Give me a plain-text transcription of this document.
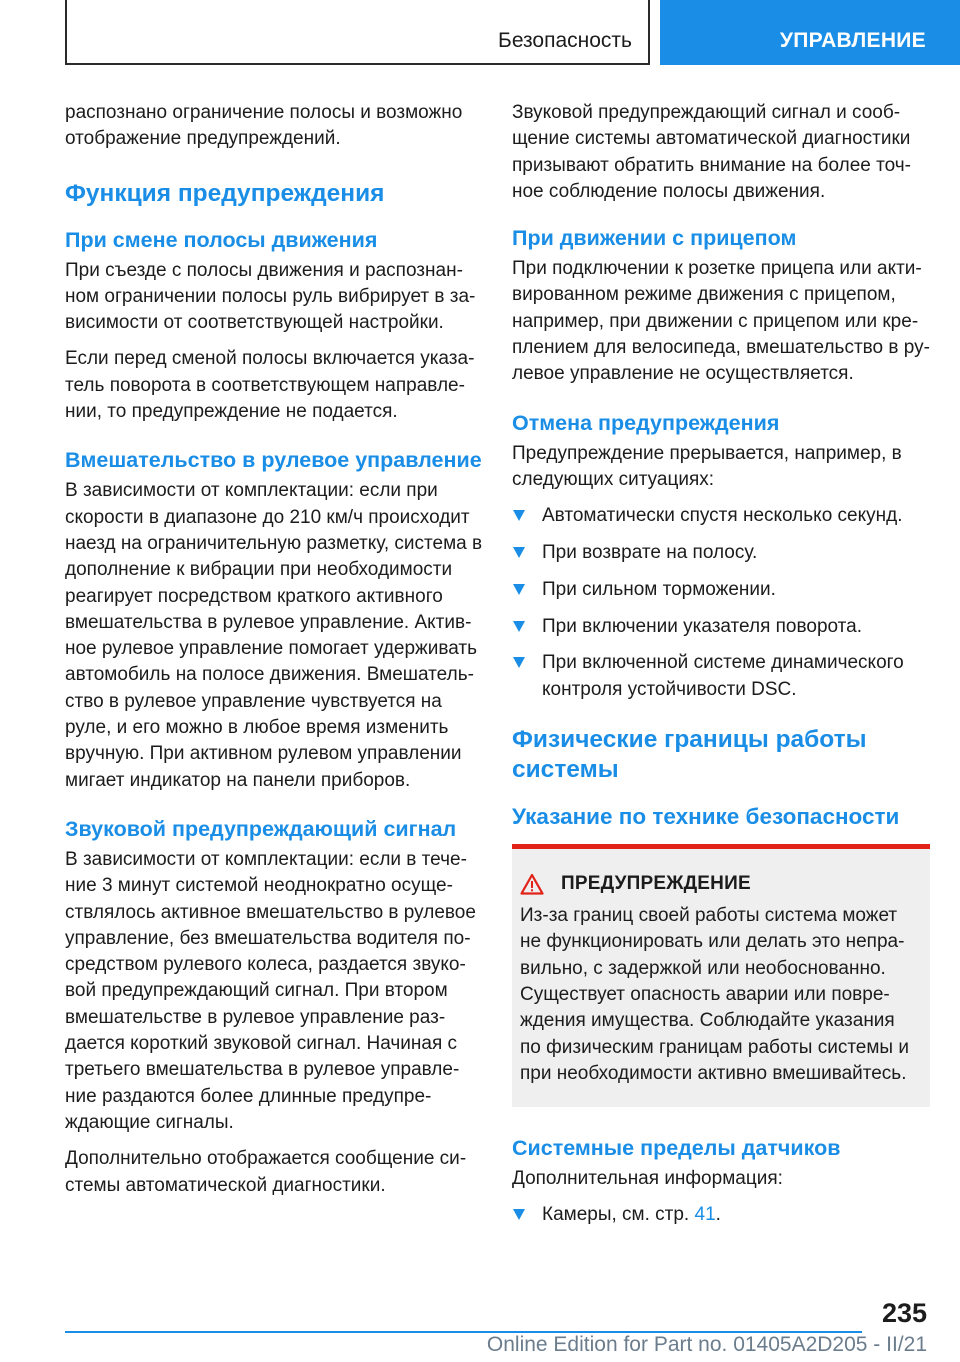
Безопасность	УПРАВЛЕНИЕ

распознано ограничение полосы и возможно отображение предупреждений.

Функция предупреждения
При смене полосы движения

При съезде с полосы движения и распознанном ограничении полосы руль вибрирует в зависимости от соответствующей настройки.

Если перед сменой полосы включается указатель поворота в соответствующем направлении, то предупреждение не подается.

Вмешательство в рулевое управление

В зависимости от комплектации: если при скорости в диапазоне до 210 км/ч происходит наезд на ограничительную разметку, система в дополнение к вибрации при необходимости реагирует посредством краткого активного вмешательства в рулевое управление. Активное рулевое управление помогает удерживать автомобиль на полосе движения. Вмешательство в рулевое управление чувствуется на руле, и его можно в любое время изменить вручную. При активном рулевом управлении мигает индикатор на панели приборов.

Звуковой предупреждающий сигнал

В зависимости от комплектации: если в течение 3 минут системой неоднократно осуществлялось активное вмешательство в рулевое управление, без вмешательства водителя посредством рулевого колеса, раздается звуковой предупреждающий сигнал. При втором вмешательстве в рулевое управление раздается короткий звуковой сигнал. Начиная с третьего вмешательства в рулевое управление раздаются более длинные предупреждающие сигналы.

Дополнительно отображается сообщение системы автоматической диагностики.

Звуковой предупреждающий сигнал и сообщение системы автоматической диагностики призывают обратить внимание на более точное соблюдение полосы движения.

При движении с прицепом

При подключении к розетке прицепа или активированном режиме движения с прицепом, например, при движении с прицепом или креплением для велосипеда, вмешательство в рулевое управление не осуществляется.

Отмена предупреждения

Предупреждение прерывается, например, в следующих ситуациях:

Автоматически спустя несколько секунд.
При возврате на полосу.
При сильном торможении.
При включении указателя поворота.
При включенной системе динамического контроля устойчивости DSC.
Физические границы работы системы
Указание по технике безопасности
ПРЕДУПРЕЖДЕНИЕ

Из-за границ своей работы система может не функционировать или делать это неправильно, с задержкой или необоснованно. Существует опасность аварии или повреждения имущества. Соблюдайте указания по физическим границам работы системы и при необходимости активно вмешивайтесь.

Системные пределы датчиков

Дополнительная информация:

Камеры, см. стр. 41.
235
Online Edition for Part no. 01405A2D205 - II/21
